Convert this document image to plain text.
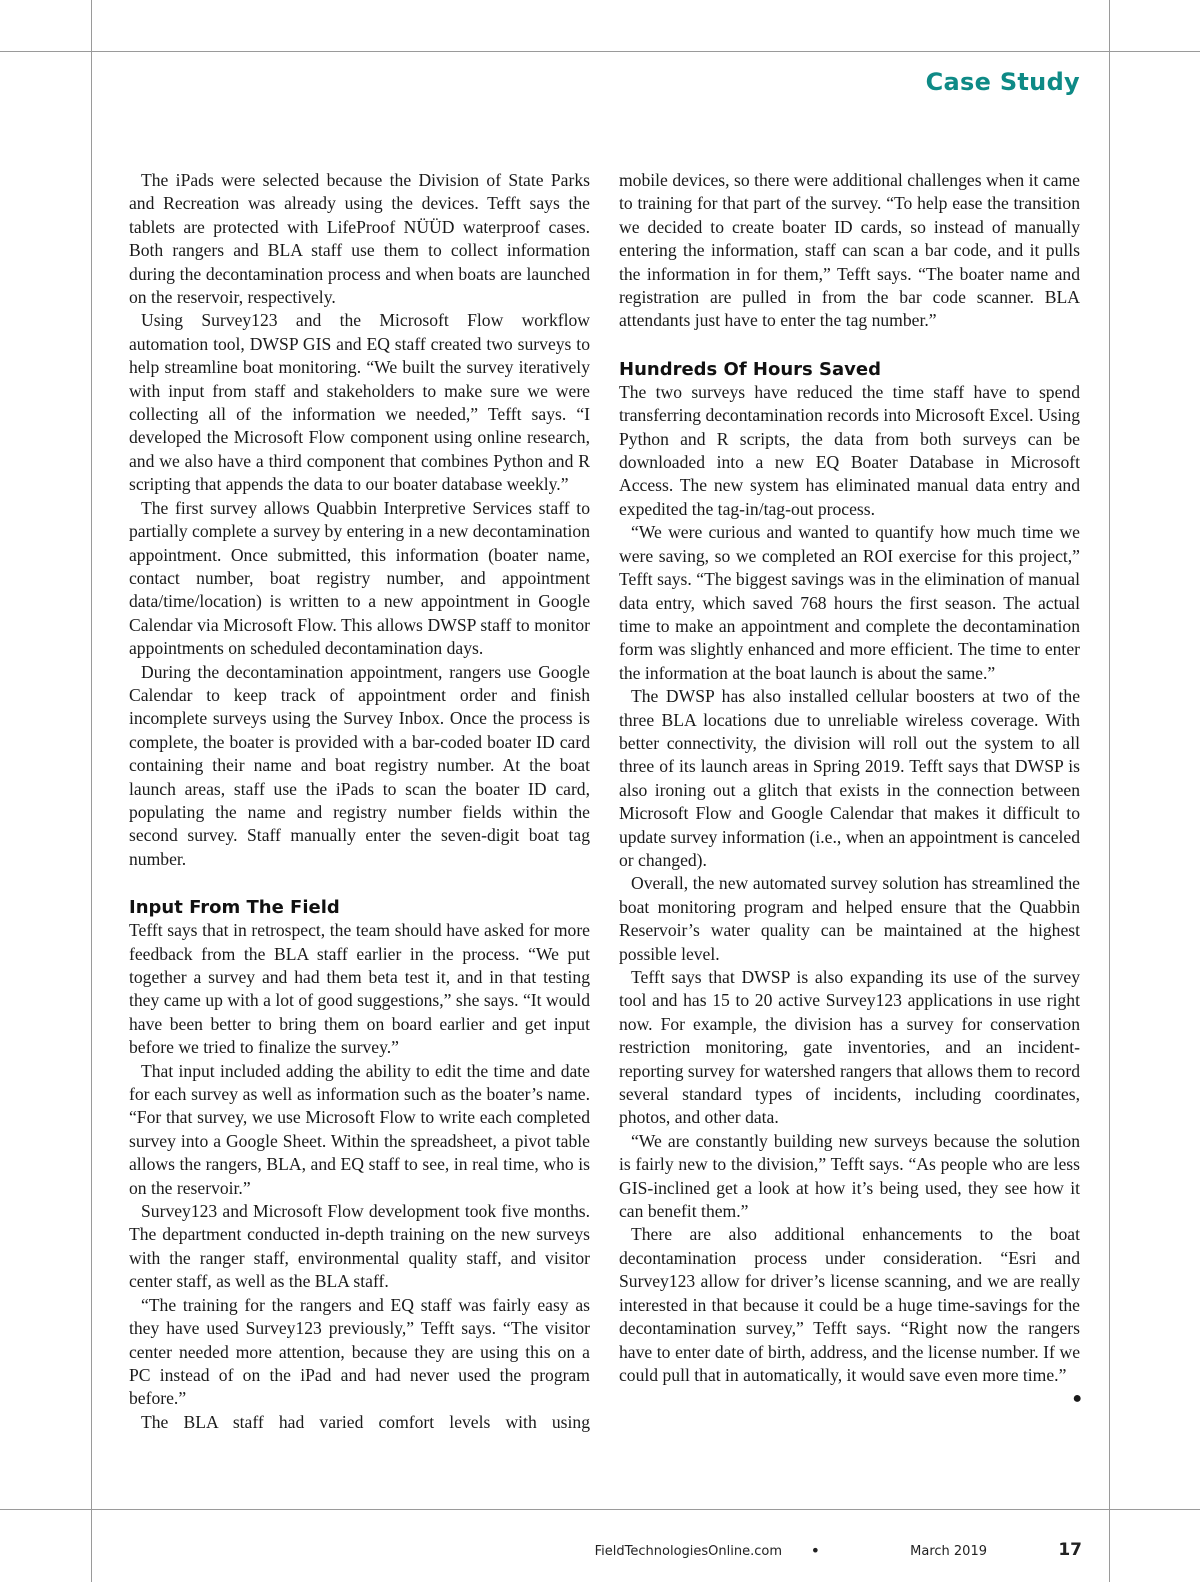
Case Study

The iPads were selected because the Division of State Parks and Recreation was already using the devices. Tefft says the tablets are protected with LifeProof NÜÜD waterproof cases. Both rangers and BLA staff use them to collect information during the decontamination process and when boats are launched on the reservoir, respectively.

Using Survey123 and the Microsoft Flow workflow automation tool, DWSP GIS and EQ staff created two surveys to help streamline boat monitoring. “We built the survey iteratively with input from staff and stakeholders to make sure we were collecting all of the information we needed,” Tefft says. “I developed the Microsoft Flow component using online research, and we also have a third component that combines Python and R scripting that appends the data to our boater database weekly.”

The first survey allows Quabbin Interpretive Services staff to partially complete a survey by entering in a new decontamination appointment. Once submitted, this information (boater name, contact number, boat registry number, and appointment data/time/location) is written to a new appointment in Google Calendar via Microsoft Flow. This allows DWSP staff to monitor appointments on scheduled decontamination days.

During the decontamination appointment, rangers use Google Calendar to keep track of appointment order and finish incomplete surveys using the Survey Inbox. Once the process is complete, the boater is provided with a bar-coded boater ID card containing their name and boat registry number. At the boat launch areas, staff use the iPads to scan the boater ID card, populating the name and registry number fields within the second survey. Staff manually enter the seven-digit boat tag number.

Input From The Field

Tefft says that in retrospect, the team should have asked for more feedback from the BLA staff earlier in the process. “We put together a survey and had them beta test it, and in that testing they came up with a lot of good suggestions,” she says. “It would have been better to bring them on board earlier and get input before we tried to finalize the survey.”

That input included adding the ability to edit the time and date for each survey as well as information such as the boater’s name. “For that survey, we use Microsoft Flow to write each completed survey into a Google Sheet. Within the spreadsheet, a pivot table allows the rangers, BLA, and EQ staff to see, in real time, who is on the reservoir.”

Survey123 and Microsoft Flow development took five months. The department conducted in-depth training on the new surveys with the ranger staff, environmental quality staff, and visitor center staff, as well as the BLA staff.

“The training for the rangers and EQ staff was fairly easy as they have used Survey123 previously,” Tefft says. “The visitor center needed more attention, because they are using this on a PC instead of on the iPad and had never used the program before.”

The BLA staff had varied comfort levels with using

mobile devices, so there were additional challenges when it came to training for that part of the survey. “To help ease the transition we decided to create boater ID cards, so instead of manually entering the information, staff can scan a bar code, and it pulls the information in for them,” Tefft says. “The boater name and registration are pulled in from the bar code scanner. BLA attendants just have to enter the tag number.”

Hundreds Of Hours Saved

The two surveys have reduced the time staff have to spend transferring decontamination records into Microsoft Excel. Using Python and R scripts, the data from both surveys can be downloaded into a new EQ Boater Database in Microsoft Access. The new system has eliminated manual data entry and expedited the tag-in/tag-out process.

“We were curious and wanted to quantify how much time we were saving, so we completed an ROI exercise for this project,” Tefft says. “The biggest savings was in the elimination of manual data entry, which saved 768 hours the first season. The actual time to make an appointment and complete the decontamination form was slightly enhanced and more efficient. The time to enter the information at the boat launch is about the same.”

The DWSP has also installed cellular boosters at two of the three BLA locations due to unreliable wireless coverage. With better connectivity, the division will roll out the system to all three of its launch areas in Spring 2019. Tefft says that DWSP is also ironing out a glitch that exists in the connection between Microsoft Flow and Google Calendar that makes it difficult to update survey information (i.e., when an appointment is canceled or changed).

Overall, the new automated survey solution has streamlined the boat monitoring program and helped ensure that the Quabbin Reservoir’s water quality can be maintained at the highest possible level.

Tefft says that DWSP is also expanding its use of the survey tool and has 15 to 20 active Survey123 applications in use right now. For example, the division has a survey for conservation restriction monitoring, gate inventories, and an incident-reporting survey for watershed rangers that allows them to record several standard types of incidents, including coordinates, photos, and other data.

“We are constantly building new surveys because the solution is fairly new to the division,” Tefft says. “As people who are less GIS-inclined get a look at how it’s being used, they see how it can benefit them.”

There are also additional enhancements to the boat decontamination process under consideration. “Esri and Survey123 allow for driver’s license scanning, and we are really interested in that because it could be a huge time-savings for the decontamination survey,” Tefft says. “Right now the rangers have to enter date of birth, address, and the license number. If we could pull that in automatically, it would save even more time.”
●

FieldTechnologiesOnline.com •	March 2019	17
